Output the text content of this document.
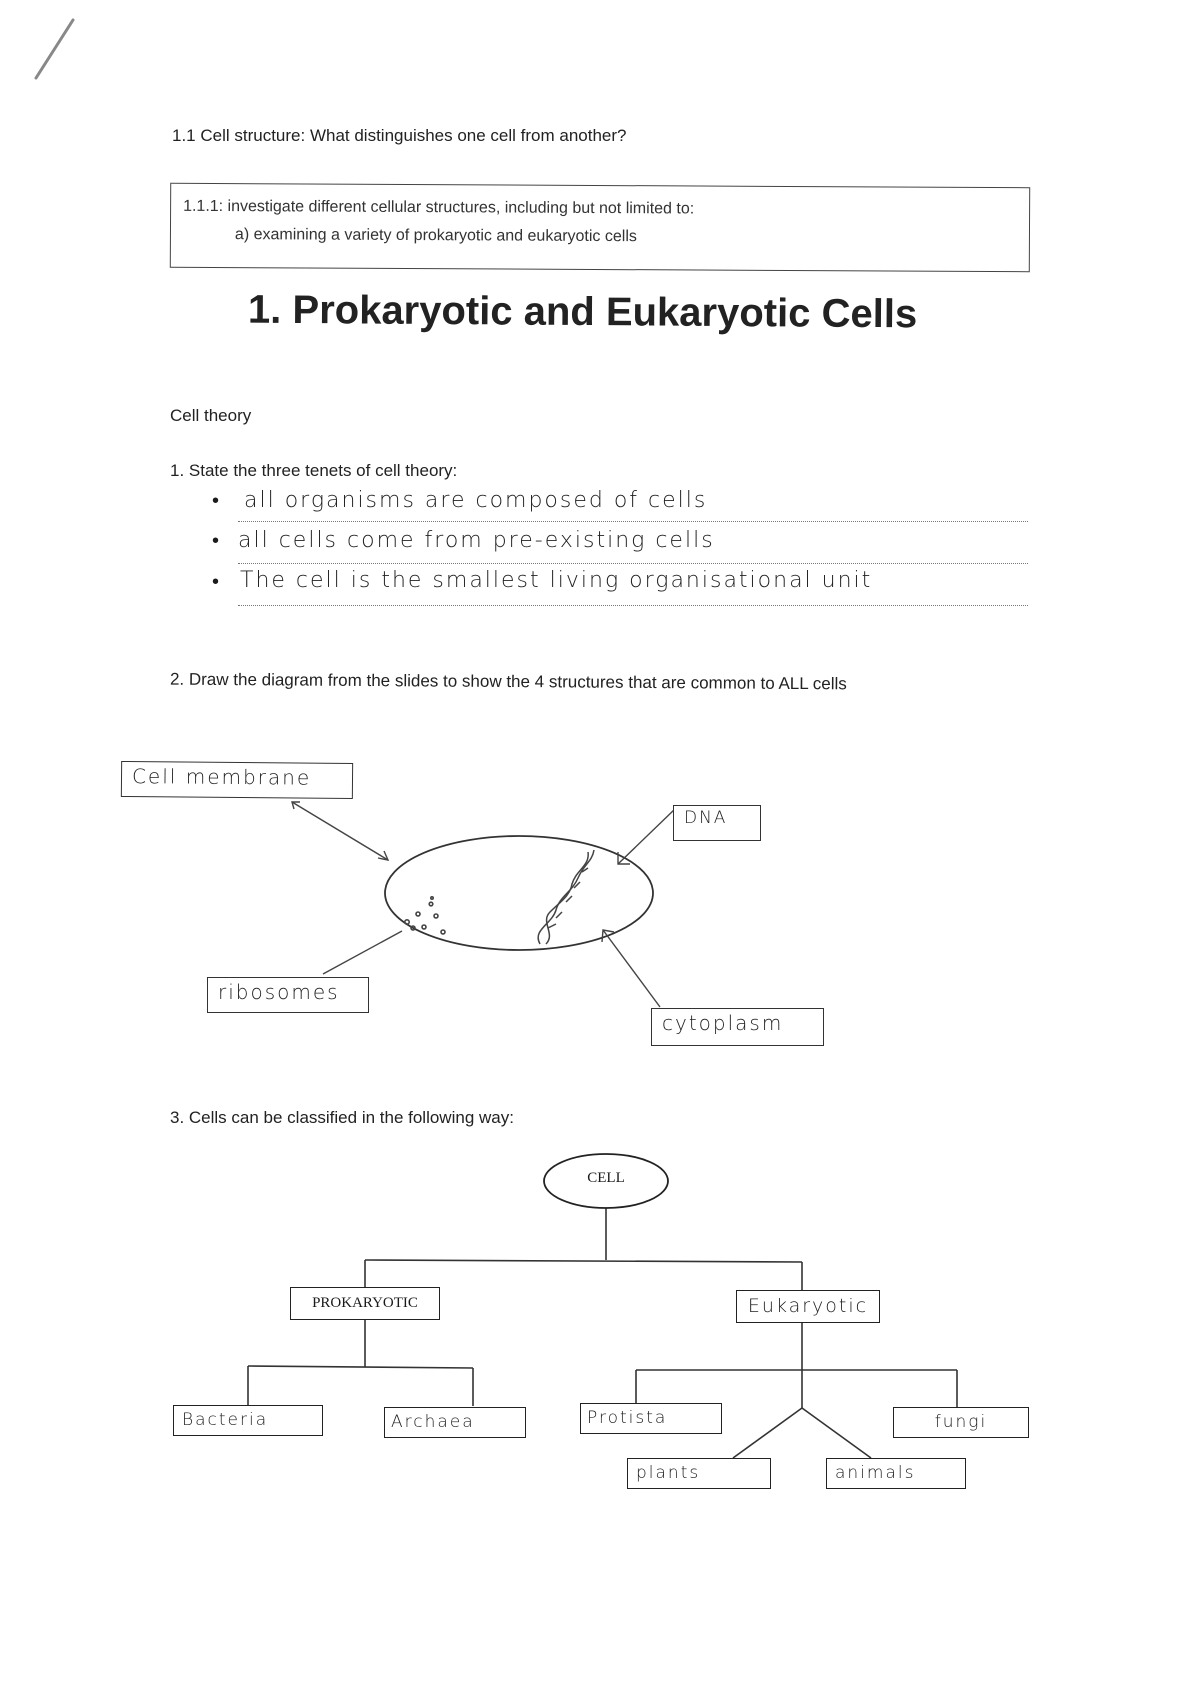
1.1 Cell structure: What distinguishes one cell from another?
1.1.1: investigate different cellular structures, including but not limited to:
a) examining a variety of prokaryotic and eukaryotic cells
1. Prokaryotic and Eukaryotic Cells
Cell theory
1. State the three tenets of cell theory:
• all organisms are composed of cells
• all cells come from pre-existing cells
• The cell is the smallest living organisational unit
2. Draw the diagram from the slides to show the 4 structures that are common to ALL cells
Cell membrane
DNA
ribosomes
cytoplasm
3. Cells can be classified in the following way:
CELL
PROKARYOTIC	Eukaryotic
Bacteria	Archaea	Protista	fungi
plants	animals
